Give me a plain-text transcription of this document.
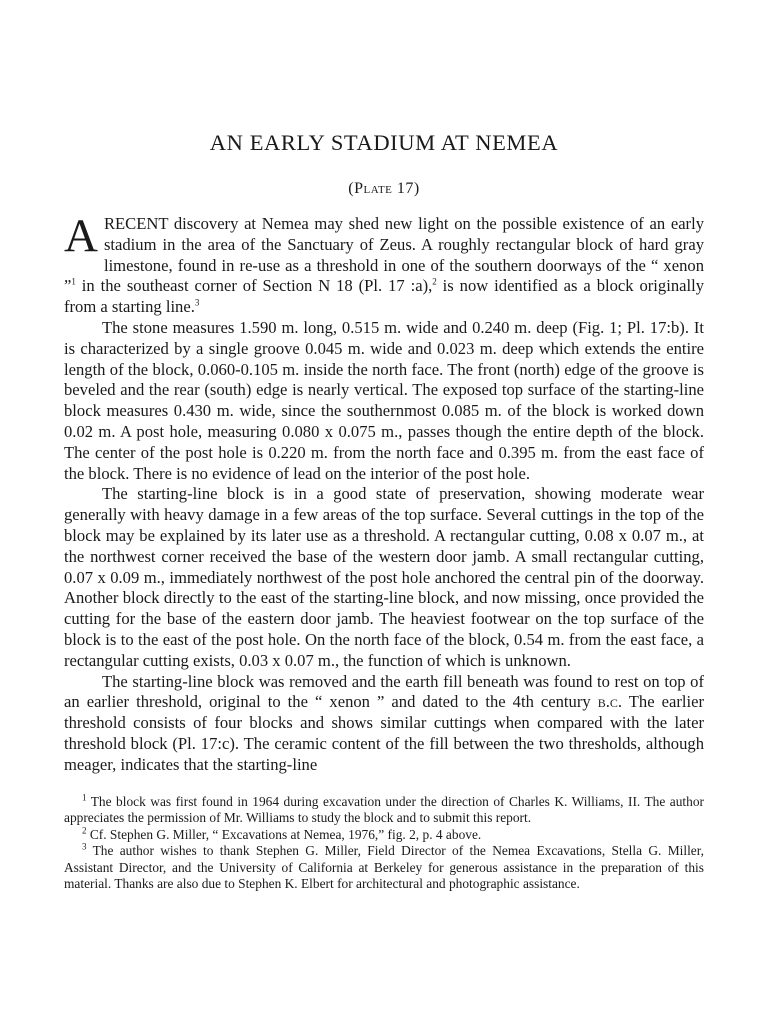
AN EARLY STADIUM AT NEMEA
(Plate 17)

ARECENT discovery at Nemea may shed new light on the possible existence of an early stadium in the area of the Sanctuary of Zeus. A roughly rectangular block of hard gray limestone, found in re-use as a threshold in one of the southern doorways of the “ xenon ”$^1$ in the southeast corner of Section N 18 (Pl. 17 :a),$^2$ is now identified as a block originally from a starting line.$^3$

The stone measures 1.590 m. long, 0.515 m. wide and 0.240 m. deep (Fig. 1; Pl. 17:b). It is characterized by a single groove 0.045 m. wide and 0.023 m. deep which extends the entire length of the block, 0.060-0.105 m. inside the north face. The front (north) edge of the groove is beveled and the rear (south) edge is nearly vertical. The exposed top surface of the starting-line block measures 0.430 m. wide, since the southernmost 0.085 m. of the block is worked down 0.02 m. A post hole, measuring 0.080 x 0.075 m., passes though the entire depth of the block. The center of the post hole is 0.220 m. from the north face and 0.395 m. from the east face of the block. There is no evidence of lead on the interior of the post hole.

The starting-line block is in a good state of preservation, showing moderate wear generally with heavy damage in a few areas of the top surface. Several cuttings in the top of the block may be explained by its later use as a threshold. A rectangular cutting, 0.08 x 0.07 m., at the northwest corner received the base of the western door jamb. A small rectangular cutting, 0.07 x 0.09 m., immediately northwest of the post hole anchored the central pin of the doorway. Another block directly to the east of the starting-line block, and now missing, once provided the cutting for the base of the eastern door jamb. The heaviest footwear on the top surface of the block is to the east of the post hole. On the north face of the block, 0.54 m. from the east face, a rectangular cutting exists, 0.03 x 0.07 m., the function of which is unknown.

The starting-line block was removed and the earth fill beneath was found to rest on top of an earlier threshold, original to the “ xenon ” and dated to the 4th century b.c. The earlier threshold consists of four blocks and shows similar cuttings when compared with the later threshold block (Pl. 17:c). The ceramic content of the fill between the two thresholds, although meager, indicates that the starting-line

$^1$ The block was first found in 1964 during excavation under the direction of Charles K. Williams, II. The author appreciates the permission of Mr. Williams to study the block and to submit this report.

$^2$ Cf. Stephen G. Miller, “ Excavations at Nemea, 1976,” fig. 2, p. 4 above.

$^3$ The author wishes to thank Stephen G. Miller, Field Director of the Nemea Excavations, Stella G. Miller, Assistant Director, and the University of California at Berkeley for generous assistance in the preparation of this material. Thanks are also due to Stephen K. Elbert for architectural and photographic assistance.
